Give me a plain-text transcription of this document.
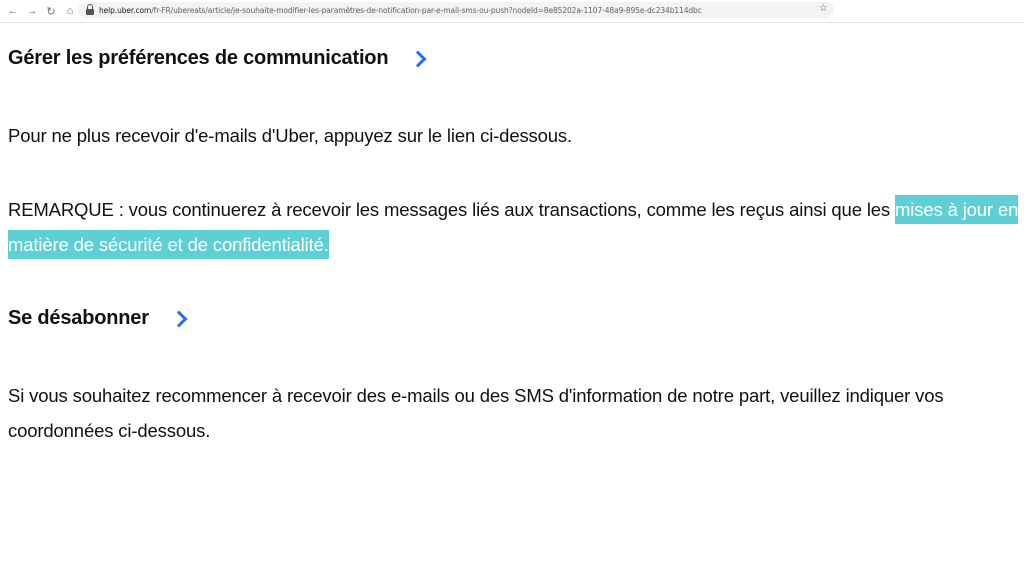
← → ↻	⌂	help.uber.com/fr-FR/ubereats/article/je-souhaite-modifier-les-paramètres-de-notification-par-e-mail-sms-ou-push?nodeId=8e85202a-1107-48a9-895e-dc234b114dbc	☆
Gérer les préférences de communication
Pour ne plus recevoir d'e-mails d'Uber, appuyez sur le lien ci-dessous.
REMARQUE : vous continuerez à recevoir les messages liés aux transactions, comme les reçus ainsi que les mises à jour en matière de sécurité et de confidentialité.
Se désabonner
Si vous souhaitez recommencer à recevoir des e-mails ou des SMS d'information de notre part, veuillez indiquer vos coordonnées ci-dessous.
